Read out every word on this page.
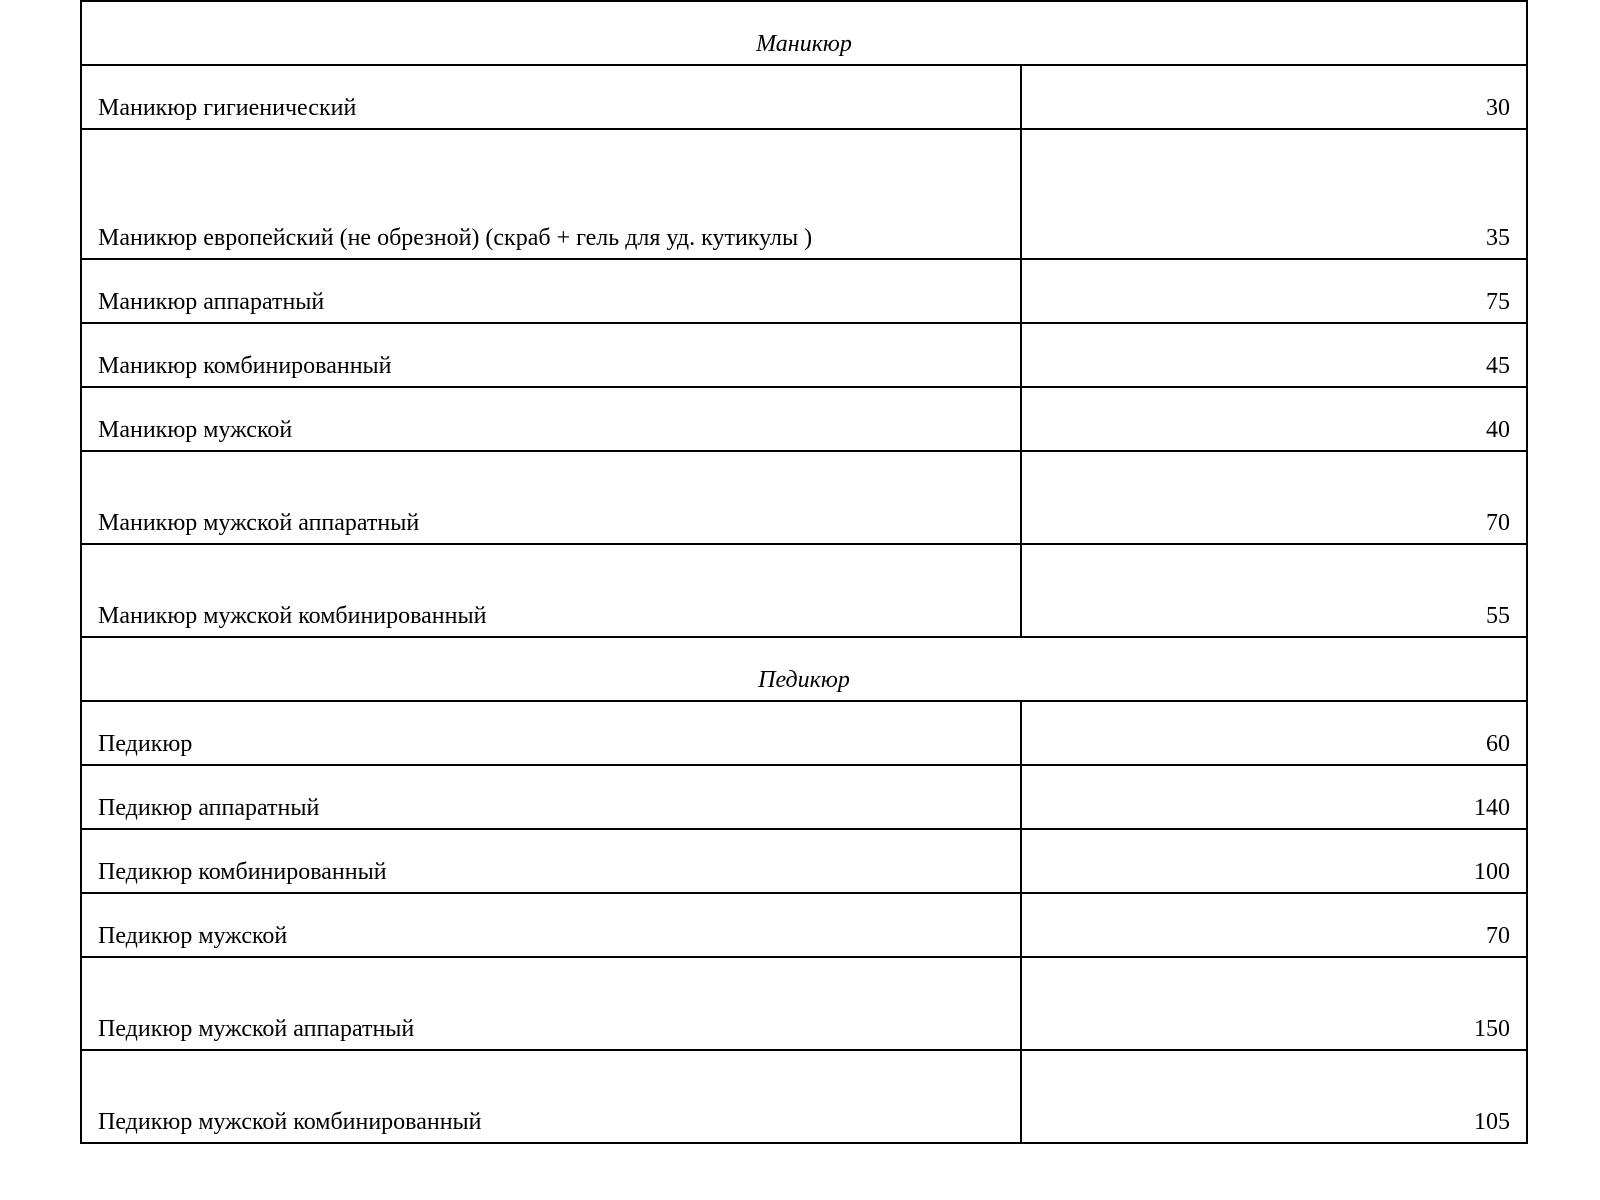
Маникюр	
Маникюр гигиенический	30
Маникюр европейский (не обрезной) (скраб + гель для уд. кутикулы )	35
Маникюр аппаратный	75
Маникюр комбинированный	45
Маникюр мужской	40
Маникюр мужской аппаратный	70
Маникюр мужской комбинированный	55
Педикюр	
Педикюр	60
Педикюр аппаратный	140
Педикюр комбинированный	100
Педикюр мужской	70
Педикюр мужской аппаратный	150
Педикюр мужской комбинированный	105
